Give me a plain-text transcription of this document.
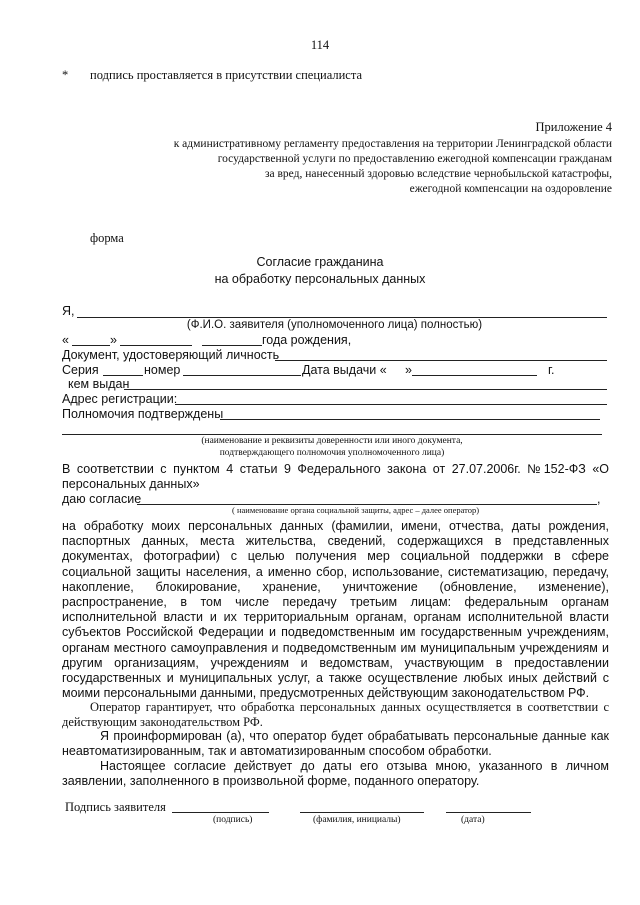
114
* подпись проставляется в присутствии специалиста
Приложение 4
к административному регламенту предоставления на территории Ленинградской области
государственной услуги по предоставлению ежегодной компенсации гражданам
за вред, нанесенный здоровью вследствие чернобыльской катастрофы,
ежегодной компенсации на оздоровление
форма
Согласие гражданина
на обработку персональных данных
Я,
(Ф.И.О. заявителя (уполномоченного лица) полностью)
«	»	года рождения,
Документ, удостоверяющий личность
Серия	номер	Дата выдачи « »	г.
кем выдан
Адрес регистрации:
Полномочия подтверждены
(наименование и реквизиты доверенности или иного документа,
подтверждающего полномочия уполномоченного лица)
В соответствии с пунктом 4 статьи 9 Федерального закона от 27.07.2006г. №152-ФЗ «О
персональных данных»
даю согласие	,
( наименование органа социальной защиты, адрес – далее оператор)
на обработку моих персональных данных (фамилии, имени, отчества, даты рождения, паспортных данных, места жительства, сведений, содержащихся в представленных документах, фотографии) с целью получения мер социальной поддержки в сфере социальной защиты населения, а именно сбор, использование, систематизацию, передачу, накопление, блокирование, хранение, уничтожение (обновление, изменение), распространение, в том числе передачу третьим лицам: федеральным органам исполнительной власти и их территориальным органам, органам исполнительной власти субъектов Российской Федерации и подведомственным им государственным учреждениям, органам местного самоуправления и подведомственным им муниципальным учреждениям и другим организациям, учреждениям и ведомствам, участвующим в предоставлении государственных и муниципальных услуг, а также осуществление любых иных действий с моими персональными данными, предусмотренных действующим законодательством РФ.
Оператор гарантирует, что обработка персональных данных осуществляется в соответствии с действующим законодательством РФ.
Я проинформирован (а), что оператор будет обрабатывать персональные данные как неавтоматизированным, так и автоматизированным способом обработки.
Настоящее согласие действует до даты его отзыва мною, указанного в личном заявлении, заполненного в произвольной форме, поданного оператору.
Подпись заявителя
(подпись)	(фамилия, инициалы)	(дата)
